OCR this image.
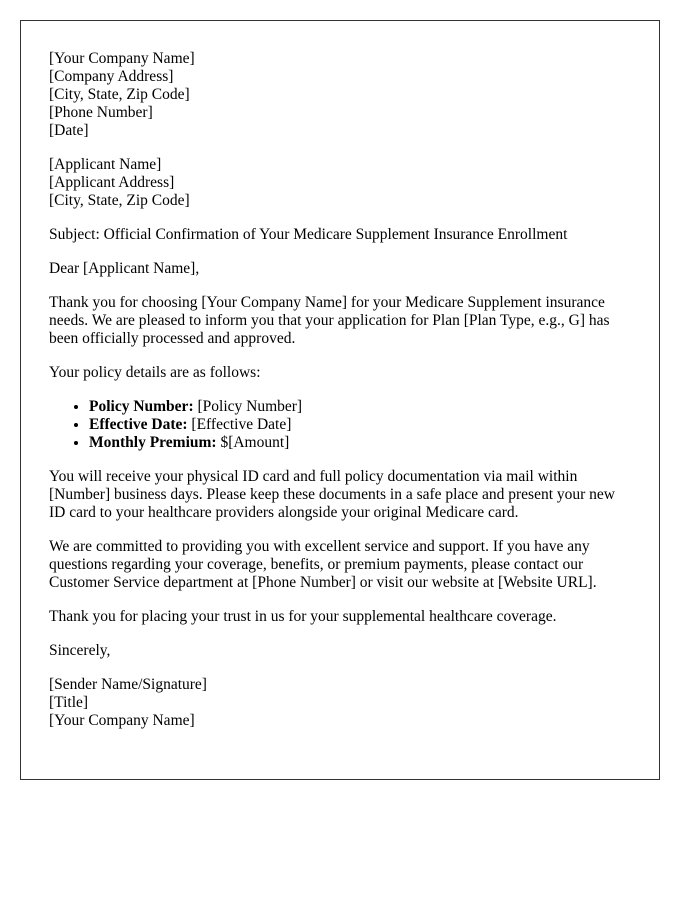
[Your Company Name]
[Company Address]
[City, State, Zip Code]
[Phone Number]
[Date]
[Applicant Name]
[Applicant Address]
[City, State, Zip Code]

Subject: Official Confirmation of Your Medicare Supplement Insurance Enrollment

Dear [Applicant Name],

Thank you for choosing [Your Company Name] for your Medicare Supplement insurance needs. We are pleased to inform you that your application for Plan [Plan Type, e.g., G] has been officially processed and approved.

Your policy details are as follows:

• Policy Number: [Policy Number]
• Effective Date: [Effective Date]
• Monthly Premium: $[Amount]

You will receive your physical ID card and full policy documentation via mail within [Number] business days. Please keep these documents in a safe place and present your new ID card to your healthcare providers alongside your original Medicare card.

We are committed to providing you with excellent service and support. If you have any questions regarding your coverage, benefits, or premium payments, please contact our Customer Service department at [Phone Number] or visit our website at [Website URL].

Thank you for placing your trust in us for your supplemental healthcare coverage.

Sincerely,

[Sender Name/Signature]
[Title]
[Your Company Name]
